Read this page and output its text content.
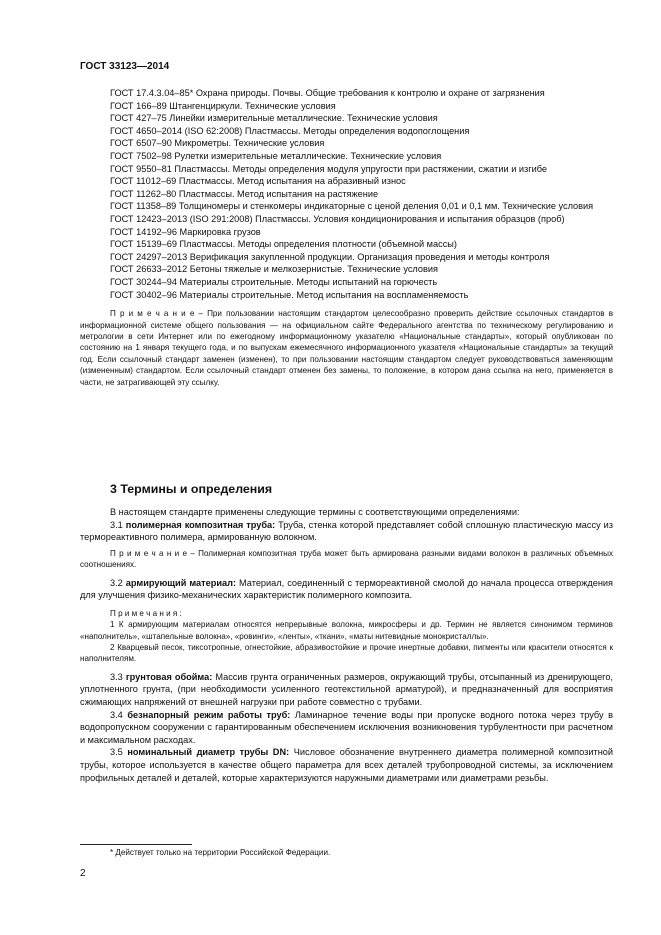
ГОСТ 33123—2014

ГОСТ 17.4.3.04–85* Охрана природы. Почвы. Общие требования к контролю и охране от загрязнения

ГОСТ 166–89 Штангенциркули. Технические условия

ГОСТ 427–75 Линейки измерительные металлические. Технические условия

ГОСТ 4650–2014 (ISO 62:2008) Пластмассы. Методы определения водопоглощения

ГОСТ 6507–90 Микрометры. Технические условия

ГОСТ 7502–98 Рулетки измерительные металлические. Технические условия

ГОСТ 9550–81 Пластмассы. Методы определения модуля упругости при растяжении, сжатии и изгибе

ГОСТ 11012–69 Пластмассы. Метод испытания на абразивный износ

ГОСТ 11262–80 Пластмассы. Метод испытания на растяжение

ГОСТ 11358–89 Толщиномеры и стенкомеры индикаторные с ценой деления 0,01 и 0,1 мм. Технические условия

ГОСТ 12423–2013 (ISO 291:2008) Пластмассы. Условия кондиционирования и испытания образцов (проб)

ГОСТ 14192–96 Маркировка грузов

ГОСТ 15139–69 Пластмассы. Методы определения плотности (объемной массы)

ГОСТ 24297–2013 Верификация закупленной продукции. Организация проведения и методы контроля

ГОСТ 26633–2012 Бетоны тяжелые и мелкозернистые. Технические условия

ГОСТ 30244–94 Материалы строительные. Методы испытаний на горючесть

ГОСТ 30402–96 Материалы строительные. Метод испытания на воспламеняемость

П р и м е ч а н и е – При пользовании настоящим стандартом целесообразно проверить действие ссылочных стандартов в информационной системе общего пользования — на официальном сайте Федерального агентства по техническому регулированию и метрологии в сети Интернет или по ежегодному информационному указателю «Национальные стандарты», который опубликован по состоянию на 1 января текущего года, и по выпускам ежемесячного информационного указателя «Национальные стандарты» за текущий год. Если ссылочный стандарт заменен (изменен), то при пользовании настоящим стандартом следует руководствоваться заменяющим (измененным) стандартом. Если ссылочный стандарт отменен без замены, то положение, в котором дана ссылка на него, применяется в части, не затрагивающей эту ссылку.

3 Термины и определения

В настоящем стандарте применены следующие термины с соответствующими определениями:

3.1 полимерная композитная труба: Труба, стенка которой представляет собой сплошную пластическую массу из термореактивного полимера, армированную волокном.

П р и м е ч а н и е – Полимерная композитная труба может быть армирована разными видами волокон в различных объемных соотношениях.

3.2 армирующий материал: Материал, соединенный с термореактивной смолой до начала процесса отверждения для улучшения физико-механических характеристик полимерного композита.

П р и м е ч а н и я :

1 К армирующим материалам относятся непрерывные волокна, микросферы и др. Термин не является синонимом терминов «наполнитель», «штапельные волокна», «ровинги», «ленты», «ткани», «маты нитевидные монокристаллы».

2 Кварцевый песок, тиксотропные, огнестойкие, абразивостойкие и прочие инертные добавки, пигменты или красители относятся к наполнителям.

3.3 грунтовая обойма: Массив грунта ограниченных размеров, окружающий трубы, отсыпанный из дренирующего, уплотненного грунта, (при необходимости усиленного геотекстильной арматурой), и предназначенный для восприятия сжимающих напряжений от внешней нагрузки при работе совместно с трубами.

3.4 безнапорный режим работы труб: Ламинарное течение воды при пропуске водного потока через трубу в водопропускном сооружении с гарантированным обеспечением исключения возникновения турбулентности при расчетном и максимальном расходах.

3.5 номинальный диаметр трубы DN: Числовое обозначение внутреннего диаметра полимерной композитной трубы, которое используется в качестве общего параметра для всех деталей трубопроводной системы, за исключением профильных деталей и деталей, которые характеризуются наружными диаметрами или диаметрами резьбы.

* Действует только на территории Российской Федерации.
2
